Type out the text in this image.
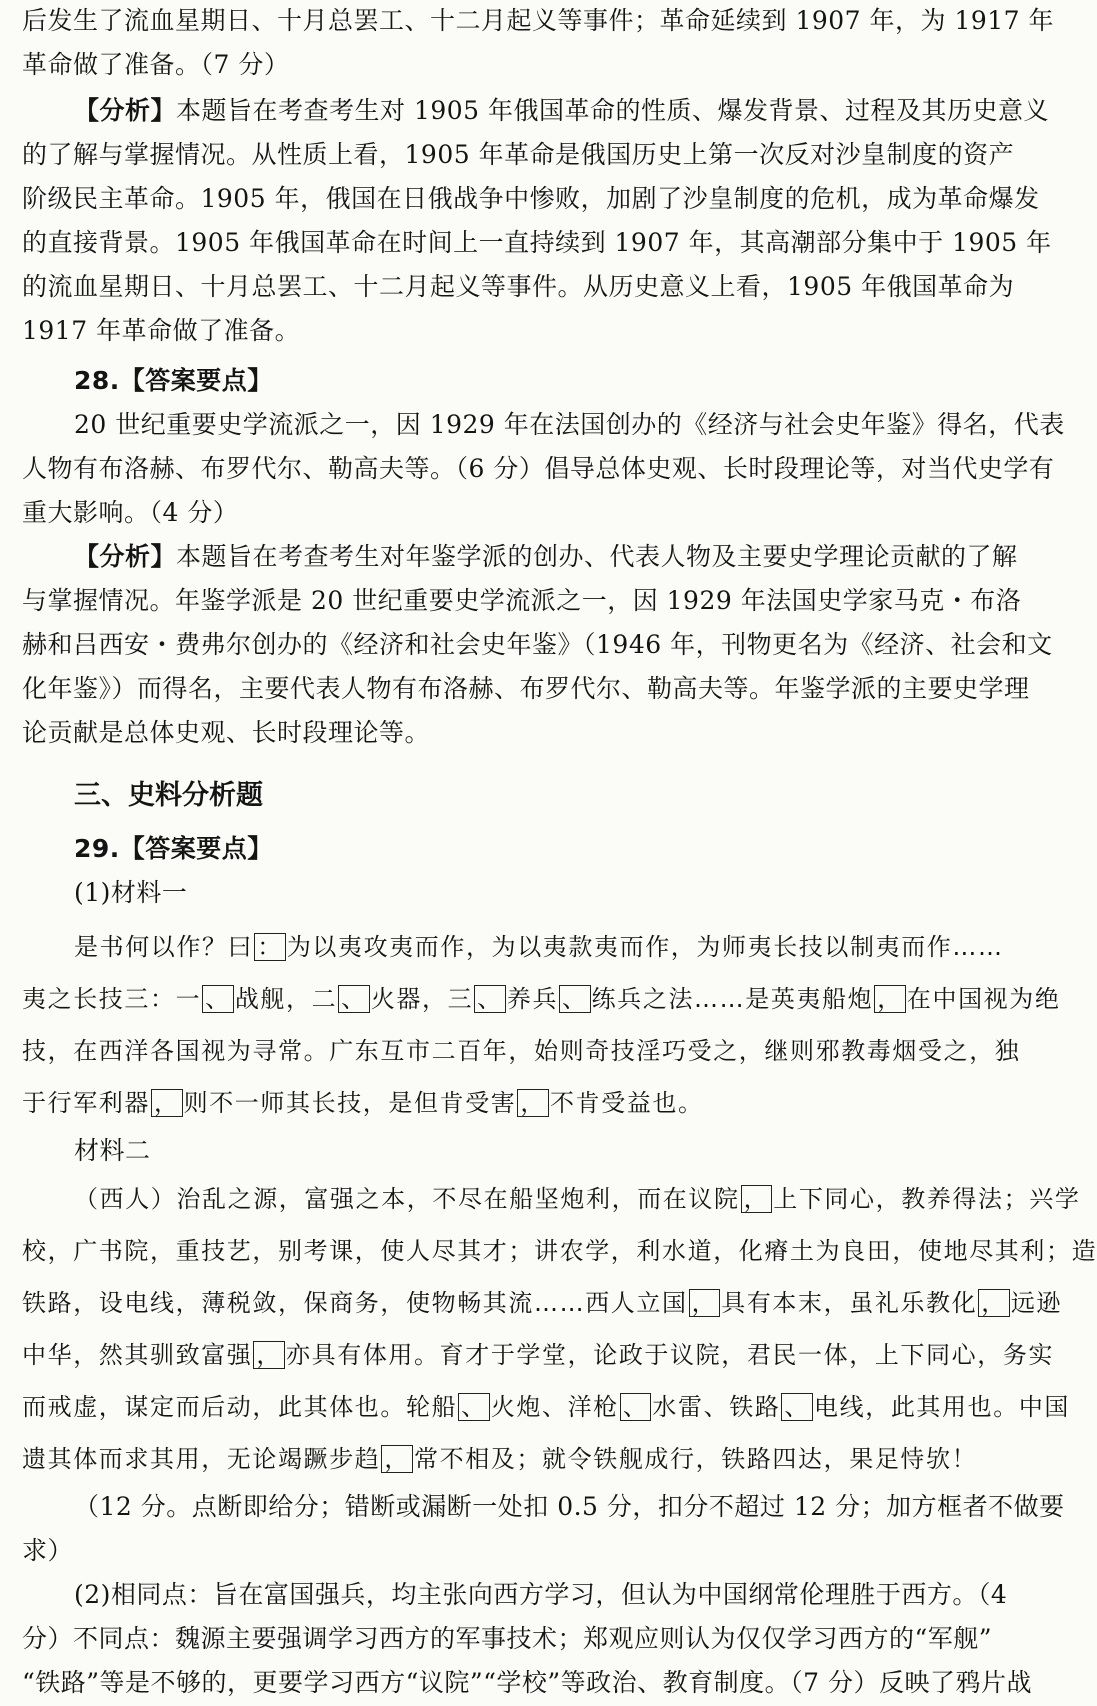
后发生了流血星期日、十月总罢工、十二月起义等事件；革命延续到 1907 年，为 1917 年
革命做了准备。（7 分）
【分析】本题旨在考查考生对 1905 年俄国革命的性质、爆发背景、过程及其历史意义
的了解与掌握情况。从性质上看，1905 年革命是俄国历史上第一次反对沙皇制度的资产
阶级民主革命。1905 年，俄国在日俄战争中惨败，加剧了沙皇制度的危机，成为革命爆发
的直接背景。1905 年俄国革命在时间上一直持续到 1907 年，其高潮部分集中于 1905 年
的流血星期日、十月总罢工、十二月起义等事件。从历史意义上看，1905 年俄国革命为
1917 年革命做了准备。
28.【答案要点】
20 世纪重要史学流派之一，因 1929 年在法国创办的《经济与社会史年鉴》得名，代表
人物有布洛赫、布罗代尔、勒高夫等。（6 分）倡导总体史观、长时段理论等，对当代史学有
重大影响。（4 分）
【分析】本题旨在考查考生对年鉴学派的创办、代表人物及主要史学理论贡献的了解
与掌握情况。年鉴学派是 20 世纪重要史学流派之一，因 1929 年法国史学家马克・布洛
赫和吕西安・费弗尔创办的《经济和社会史年鉴》（1946 年，刊物更名为《经济、社会和文
化年鉴》）而得名，主要代表人物有布洛赫、布罗代尔、勒高夫等。年鉴学派的主要史学理
论贡献是总体史观、长时段理论等。
三、史料分析题
29.【答案要点】
(1)材料一
是书何以作？曰 ： 为以夷攻夷而作，为以夷款夷而作，为师夷长技以制夷而作……
夷之长技三：一 、 战舰，二 、 火器，三 、 养兵 、 练兵之法……是英夷船炮 ， 在中国视为绝
技，在西洋各国视为寻常。广东互市二百年，始则奇技淫巧受之，继则邪教毒烟受之，独
于行军利器 ， 则不一师其长技，是但肯受害 ， 不肯受益也。
材料二
（西人）治乱之源，富强之本，不尽在船坚炮利，而在议院 ， 上下同心，教养得法；兴学
校，广书院，重技艺，别考课，使人尽其才；讲农学，利水道，化瘠土为良田，使地尽其利；造
铁路，设电线，薄税敛，保商务，使物畅其流……西人立国 ， 具有本末，虽礼乐教化 ， 远逊
中华，然其驯致富强 ， 亦具有体用。育才于学堂，论政于议院，君民一体，上下同心，务实
而戒虚，谋定而后动，此其体也。轮船 、 火炮、洋枪 、 水雷、铁路 、 电线，此其用也。中国
遗其体而求其用，无论竭蹶步趋 ， 常不相及；就令铁舰成行，铁路四达，果足恃欤！
（12 分。点断即给分；错断或漏断一处扣 0.5 分，扣分不超过 12 分；加方框者不做要
求）
(2)相同点：旨在富国强兵，均主张向西方学习，但认为中国纲常伦理胜于西方。（4
分）不同点：魏源主要强调学习西方的军事技术；郑观应则认为仅仅学习西方的“军舰”
“铁路”等是不够的，更要学习西方“议院”“学校”等政治、教育制度。（7 分）反映了鸦片战
